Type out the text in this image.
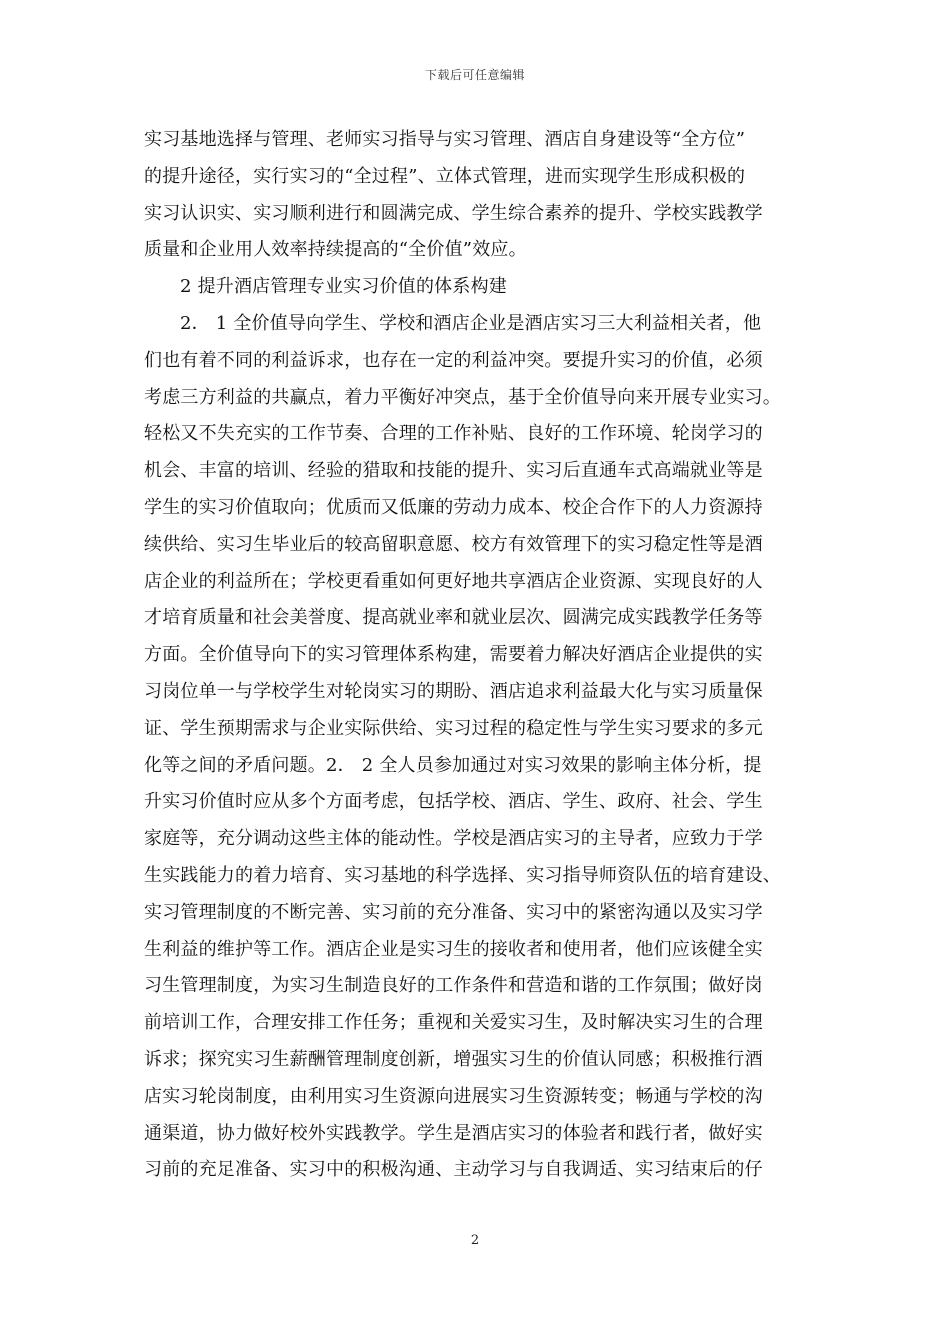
下载后可任意编辑
实习基地选择与管理、老师实习指导与实习管理、酒店自身建设等“全方位”
的提升途径，实行实习的“全过程”、立体式管理，进而实现学生形成积极的
实习认识实、实习顺利进行和圆满完成、学生综合素养的提升、学校实践教学
质量和企业用人效率持续提高的“全价值”效应。
2 提升酒店管理专业实习价值的体系构建
2． 1 全价值导向学生、学校和酒店企业是酒店实习三大利益相关者，他
们也有着不同的利益诉求，也存在一定的利益冲突。要提升实习的价值，必须
考虑三方利益的共赢点，着力平衡好冲突点，基于全价值导向来开展专业实习。
轻松又不失充实的工作节奏、合理的工作补贴、良好的工作环境、轮岗学习的
机会、丰富的培训、经验的猎取和技能的提升、实习后直通车式高端就业等是
学生的实习价值取向；优质而又低廉的劳动力成本、校企合作下的人力资源持
续供给、实习生毕业后的较高留职意愿、校方有效管理下的实习稳定性等是酒
店企业的利益所在；学校更看重如何更好地共享酒店企业资源、实现良好的人
才培育质量和社会美誉度、提高就业率和就业层次、圆满完成实践教学任务等
方面。全价值导向下的实习管理体系构建，需要着力解决好酒店企业提供的实
习岗位单一与学校学生对轮岗实习的期盼、酒店追求利益最大化与实习质量保
证、学生预期需求与企业实际供给、实习过程的稳定性与学生实习要求的多元
化等之间的矛盾问题。2． 2 全人员参加通过对实习效果的影响主体分析，提
升实习价值时应从多个方面考虑，包括学校、酒店、学生、政府、社会、学生
家庭等，充分调动这些主体的能动性。学校是酒店实习的主导者，应致力于学
生实践能力的着力培育、实习基地的科学选择、实习指导师资队伍的培育建设、
实习管理制度的不断完善、实习前的充分准备、实习中的紧密沟通以及实习学
生利益的维护等工作。酒店企业是实习生的接收者和使用者，他们应该健全实
习生管理制度，为实习生制造良好的工作条件和营造和谐的工作氛围；做好岗
前培训工作，合理安排工作任务；重视和关爱实习生，及时解决实习生的合理
诉求；探究实习生薪酬管理制度创新，增强实习生的价值认同感；积极推行酒
店实习轮岗制度，由利用实习生资源向进展实习生资源转变；畅通与学校的沟
通渠道，协力做好校外实践教学。学生是酒店实习的体验者和践行者，做好实
习前的充足准备、实习中的积极沟通、主动学习与自我调适、实习结束后的仔
2
